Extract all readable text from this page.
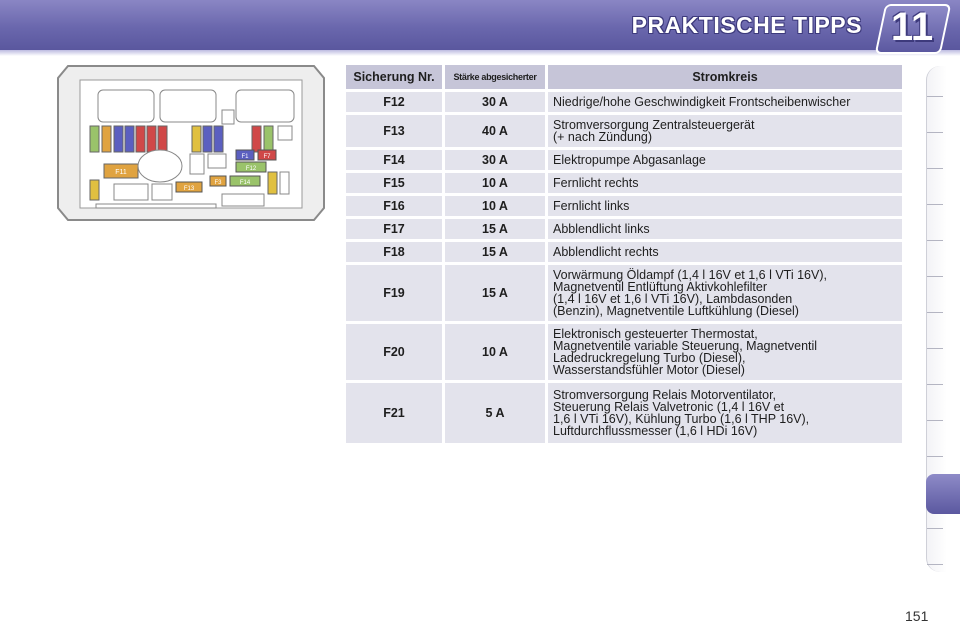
PRAKTISCHE TIPPS 11
F11
F1 F7
F12
F3	F14
F13
Sicherung Nr.	Stärke abgesicherter	Stromkreis
F12	30 A	Niedrige/hohe Geschwindigkeit Frontscheibenwischer
F13	40 A	Stromversorgung Zentralsteuergerät
(+ nach Zündung)
F14	30 A	Elektropumpe Abgasanlage
F15	10 A	Fernlicht rechts
F16	10 A	Fernlicht links
F17	15 A	Abblendlicht links
F18	15 A	Abblendlicht rechts
F19	15 A	Vorwärmung Öldampf (1,4 l 16V et 1,6 l VTi 16V),
Magnetventil Entlüftung Aktivkohlefilter
(1,4 l 16V et 1,6 l VTi 16V), Lambdasonden
(Benzin), Magnetventile Luftkühlung (Diesel)
F20	10 A	Elektronisch gesteuerter Thermostat,
Magnetventile variable Steuerung, Magnetventil
Ladedruckregelung Turbo (Diesel),
Wasserstandsfühler Motor (Diesel)
F21	5 A	Stromversorgung Relais Motorventilator,
Steuerung Relais Valvetronic (1,4 l 16V et
1,6 l VTi 16V), Kühlung Turbo (1,6 l THP 16V),
Luftdurchflussmesser (1,6 l HDi 16V)
151
